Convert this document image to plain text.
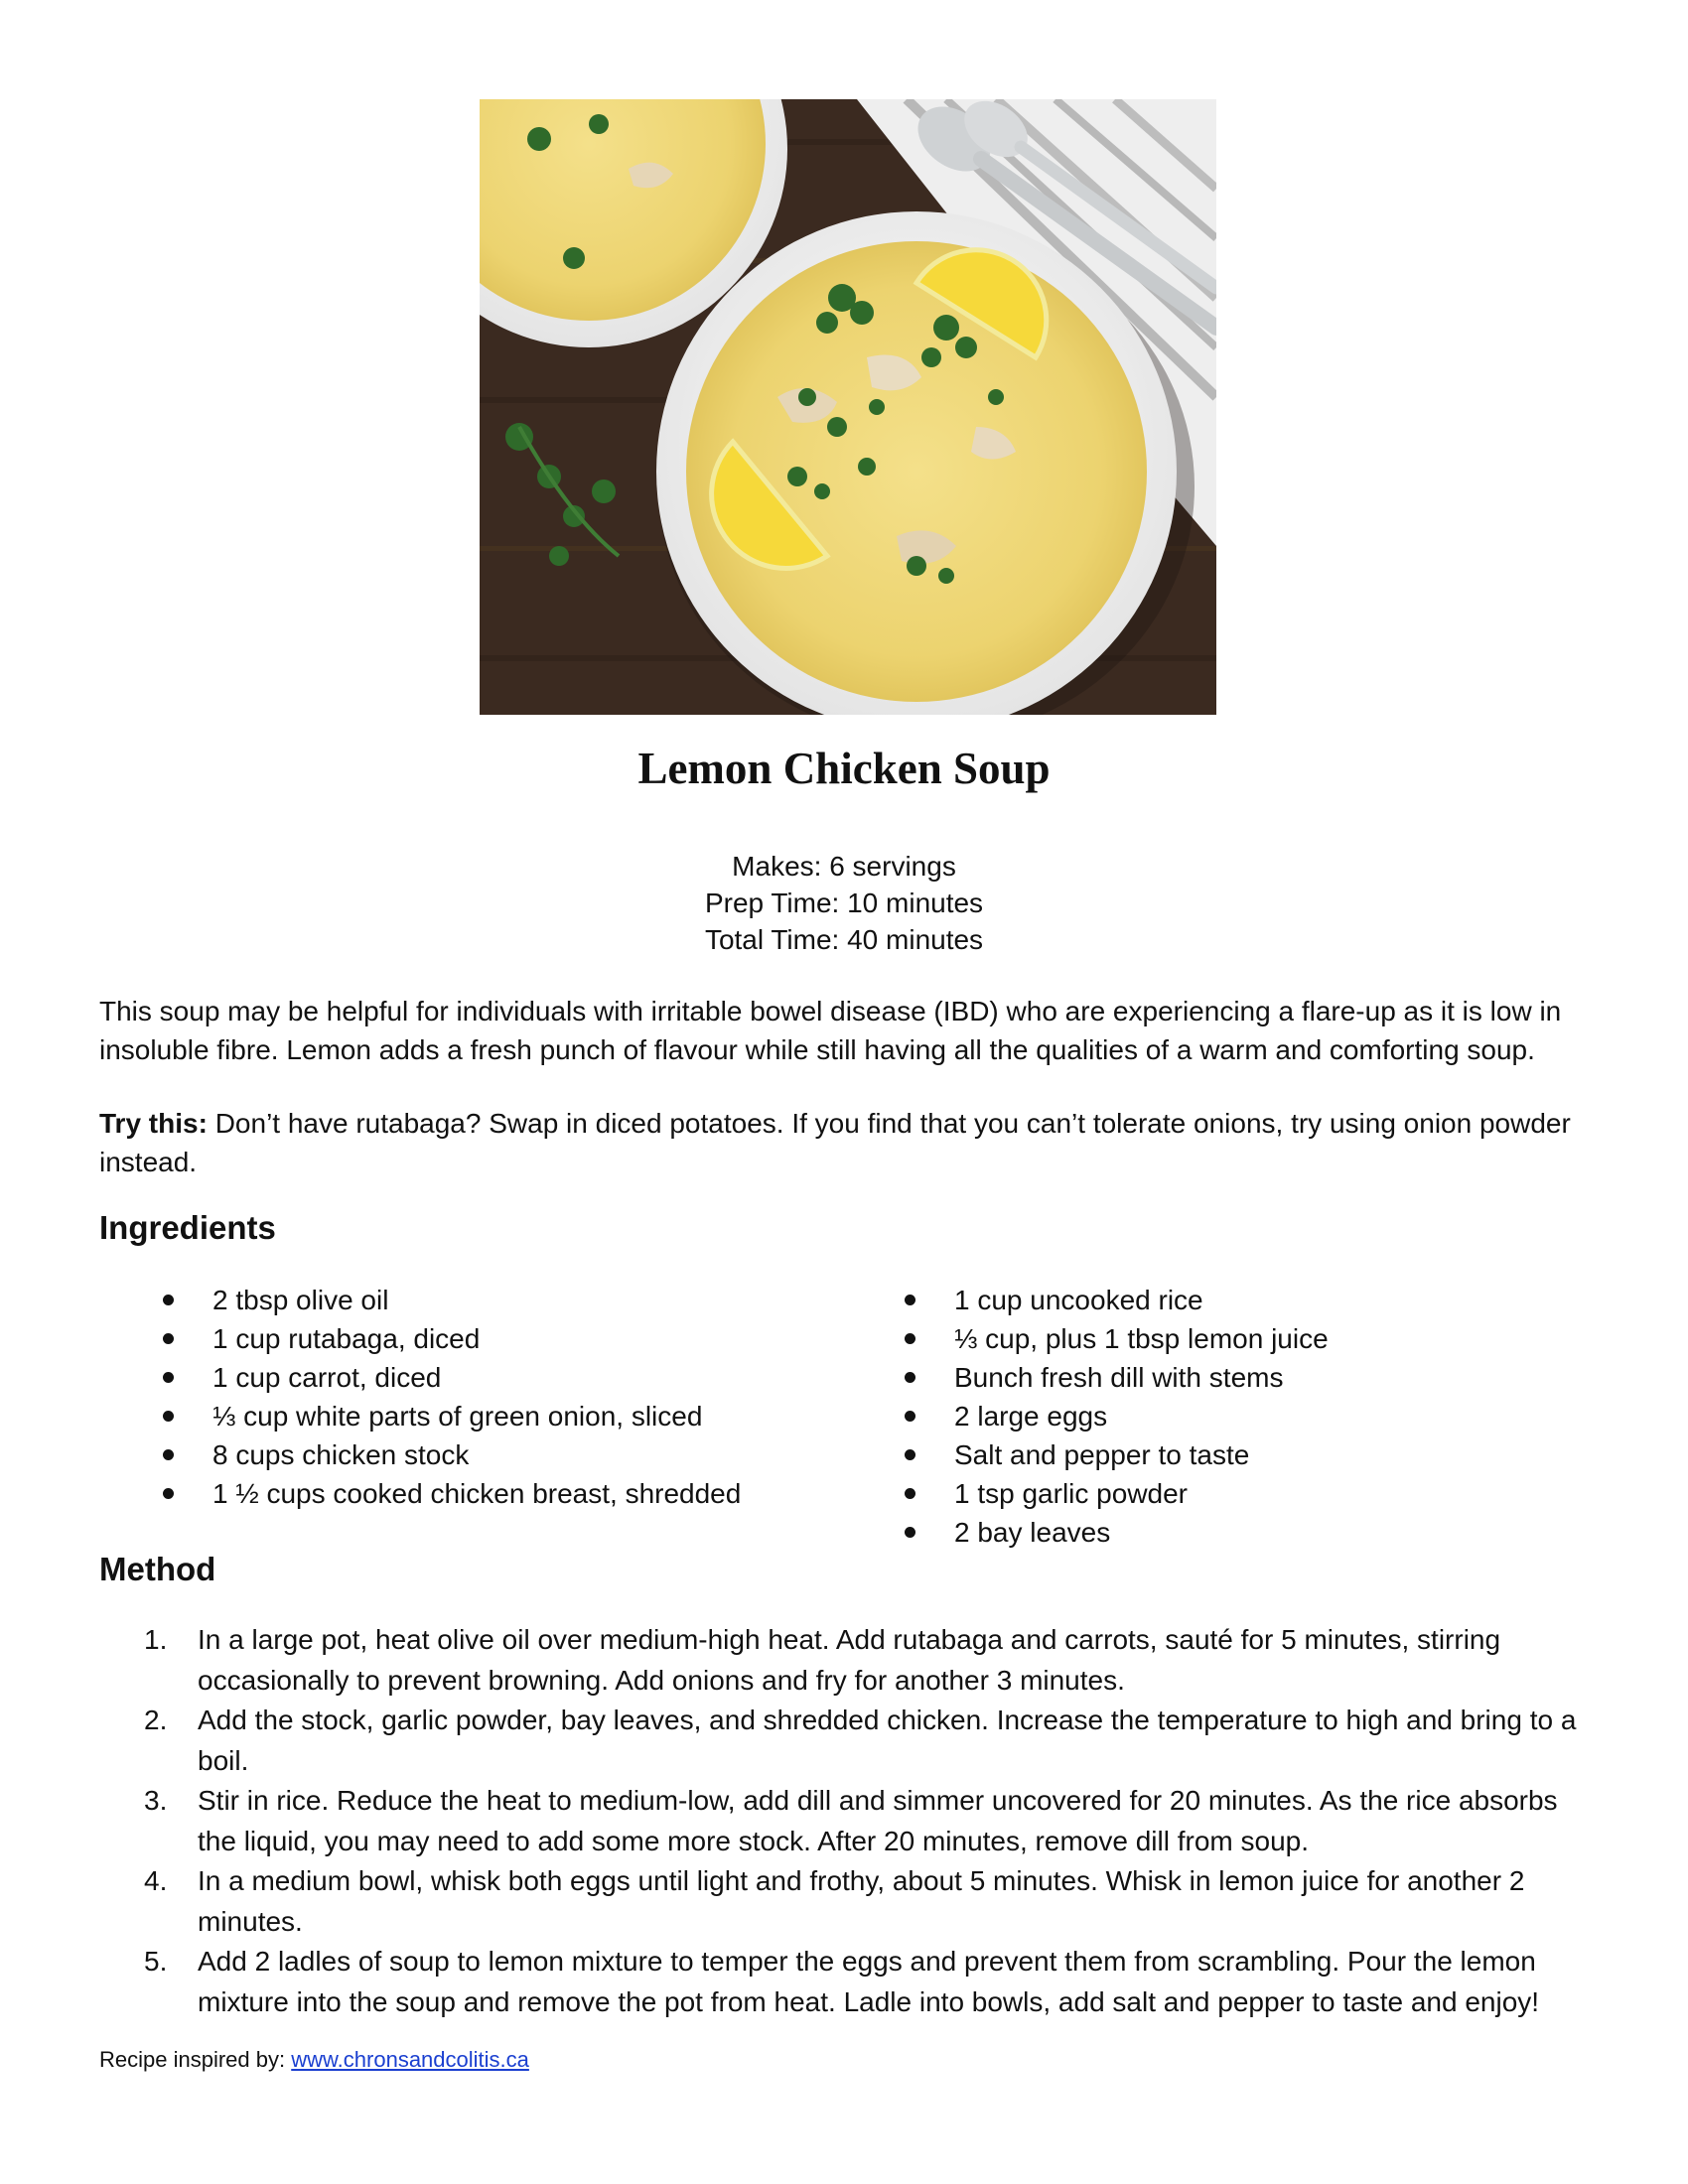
Lemon Chicken Soup
Makes: 6 servings
Prep Time: 10 minutes
Total Time: 40 minutes
This soup may be helpful for individuals with irritable bowel disease (IBD) who are experiencing a flare-up as it is low in insoluble fibre. Lemon adds a fresh punch of flavour while still having all the qualities of a warm and comforting soup.
Try this: Don’t have rutabaga? Swap in diced potatoes. If you find that you can’t tolerate onions, try using onion powder instead.
Ingredients
2 tbsp olive oil
1 cup rutabaga, diced
1 cup carrot, diced
⅓ cup white parts of green onion, sliced
8 cups chicken stock
1 ½ cups cooked chicken breast, shredded
1 cup uncooked rice
⅓ cup, plus 1 tbsp lemon juice
Bunch fresh dill with stems
2 large eggs
Salt and pepper to taste
1 tsp garlic powder
2 bay leaves
Method
1. In a large pot, heat olive oil over medium-high heat. Add rutabaga and carrots, sauté for 5 minutes, stirring occasionally to prevent browning. Add onions and fry for another 3 minutes.
2. Add the stock, garlic powder, bay leaves, and shredded chicken. Increase the temperature to high and bring to a boil.
3. Stir in rice. Reduce the heat to medium-low, add dill and simmer uncovered for 20 minutes. As the rice absorbs the liquid, you may need to add some more stock. After 20 minutes, remove dill from soup.
4. In a medium bowl, whisk both eggs until light and frothy, about 5 minutes. Whisk in lemon juice for another 2 minutes.
5. Add 2 ladles of soup to lemon mixture to temper the eggs and prevent them from scrambling. Pour the lemon mixture into the soup and remove the pot from heat. Ladle into bowls, add salt and pepper to taste and enjoy!
Recipe inspired by: www.chronsandcolitis.ca
